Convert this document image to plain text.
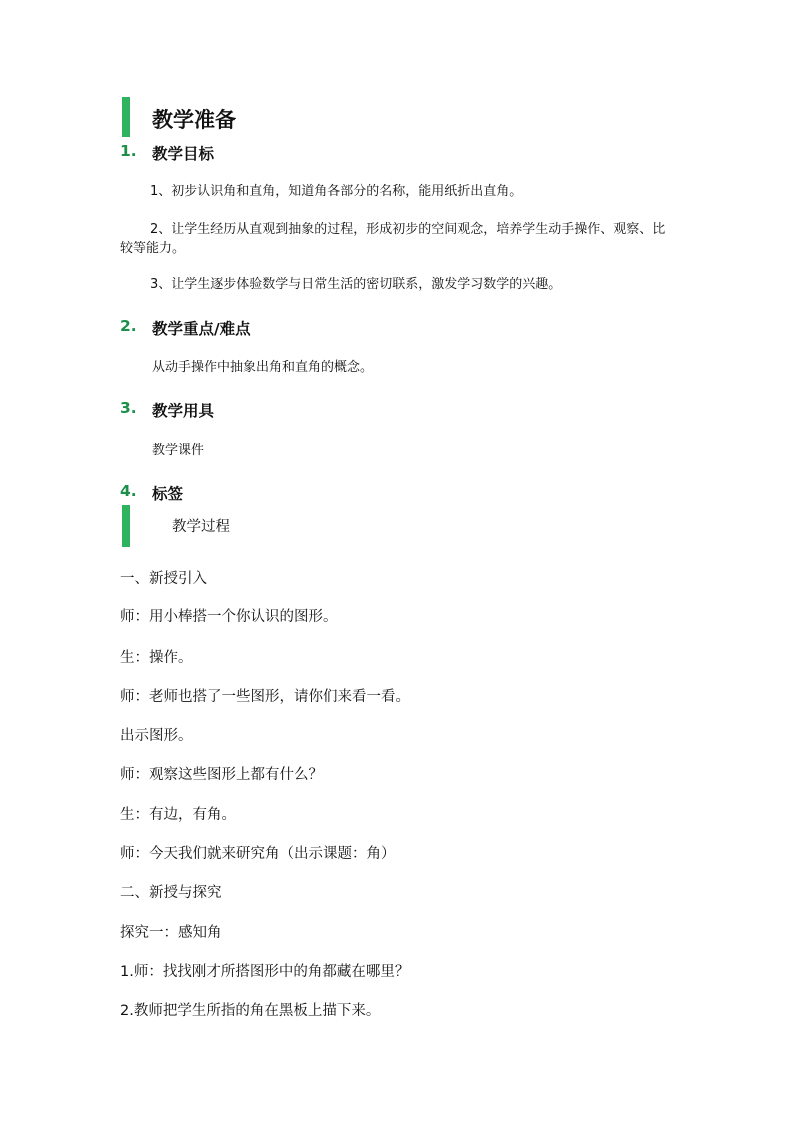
教学准备
1. 教学目标
1、初步认识角和直角，知道角各部分的名称，能用纸折出直角。
2、让学生经历从直观到抽象的过程，形成初步的空间观念，培养学生动手操作、观察、比较等能力。
3、让学生逐步体验数学与日常生活的密切联系，激发学习数学的兴趣。
2. 教学重点/难点
从动手操作中抽象出角和直角的概念。
3. 教学用具
教学课件
4. 标签
教学过程
一、新授引入
师：用小棒搭一个你认识的图形。
生：操作。
师：老师也搭了一些图形，请你们来看一看。
出示图形。
师：观察这些图形上都有什么？
生：有边，有角。
师：今天我们就来研究角（出示课题：角）
二、新授与探究
探究一：感知角
1.师：找找刚才所搭图形中的角都藏在哪里？
2.教师把学生所指的角在黑板上描下来。
